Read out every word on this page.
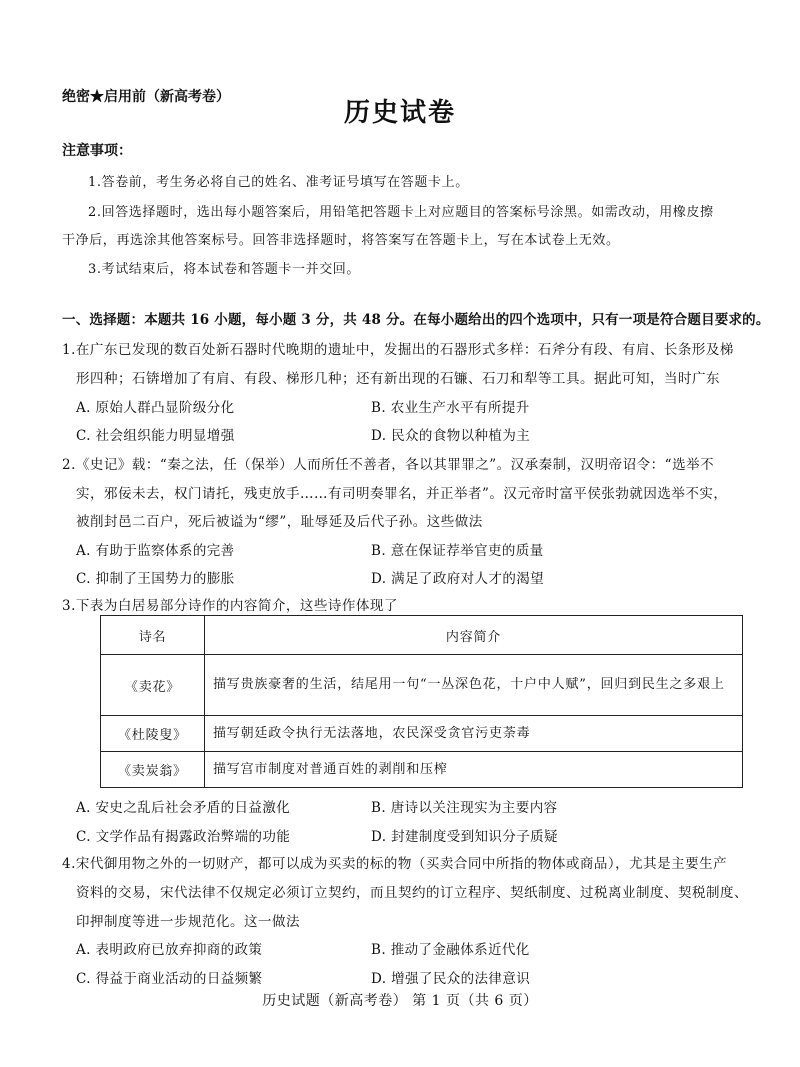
绝密★启用前（新高考卷）
历史试卷
注意事项：
1.答卷前，考生务必将自己的姓名、准考证号填写在答题卡上。
2.回答选择题时，选出每小题答案后，用铅笔把答题卡上对应题目的答案标号涂黑。如需改动，用橡皮擦
干净后，再选涂其他答案标号。回答非选择题时，将答案写在答题卡上，写在本试卷上无效。
3.考试结束后，将本试卷和答题卡一并交回。
一、选择题：本题共 16 小题，每小题 3 分，共 48 分。在每小题给出的四个选项中，只有一项是符合题目要求的。
1.在广东已发现的数百处新石器时代晚期的遗址中，发掘出的石器形式多样：石斧分有段、有肩、长条形及梯
形四种；石锛增加了有肩、有段、梯形几种；还有新出现的石镰、石刀和犁等工具。据此可知，当时广东
A. 原始人群凸显阶级分化	B. 农业生产水平有所提升
C. 社会组织能力明显增强	D. 民众的食物以种植为主
2.《史记》载：“秦之法，任（保举）人而所任不善者，各以其罪罪之”。汉承秦制，汉明帝诏令：“选举不
实，邪佞未去，权门请托，残吏放手……有司明奏罪名，并正举者”。汉元帝时富平侯张勃就因选举不实，
被削封邑二百户，死后被谥为“缪”，耻辱延及后代子孙。这些做法
A. 有助于监察体系的完善	B. 意在保证荐举官吏的质量
C. 抑制了王国势力的膨胀	D. 满足了政府对人才的渴望
3.下表为白居易部分诗作的内容简介，这些诗作体现了
诗名	内容简介
《卖花》	描写贵族豪奢的生活，结尾用一句“一丛深色花，十户中人赋”，回归到民生之多艰上
《杜陵叟》	描写朝廷政令执行无法落地，农民深受贪官污吏荼毒
《卖炭翁》	描写宫市制度对普通百姓的剥削和压榨
A. 安史之乱后社会矛盾的日益激化	B. 唐诗以关注现实为主要内容
C. 文学作品有揭露政治弊端的功能	D. 封建制度受到知识分子质疑
4.宋代御用物之外的一切财产，都可以成为买卖的标的物（买卖合同中所指的物体或商品），尤其是主要生产
资料的交易，宋代法律不仅规定必须订立契约，而且契约的订立程序、契纸制度、过税离业制度、契税制度、
印押制度等进一步规范化。这一做法
A. 表明政府已放弃抑商的政策	B. 推动了金融体系近代化
C. 得益于商业活动的日益频繁	D. 增强了民众的法律意识
历史试题（新高考卷） 第 1 页（共 6 页）
